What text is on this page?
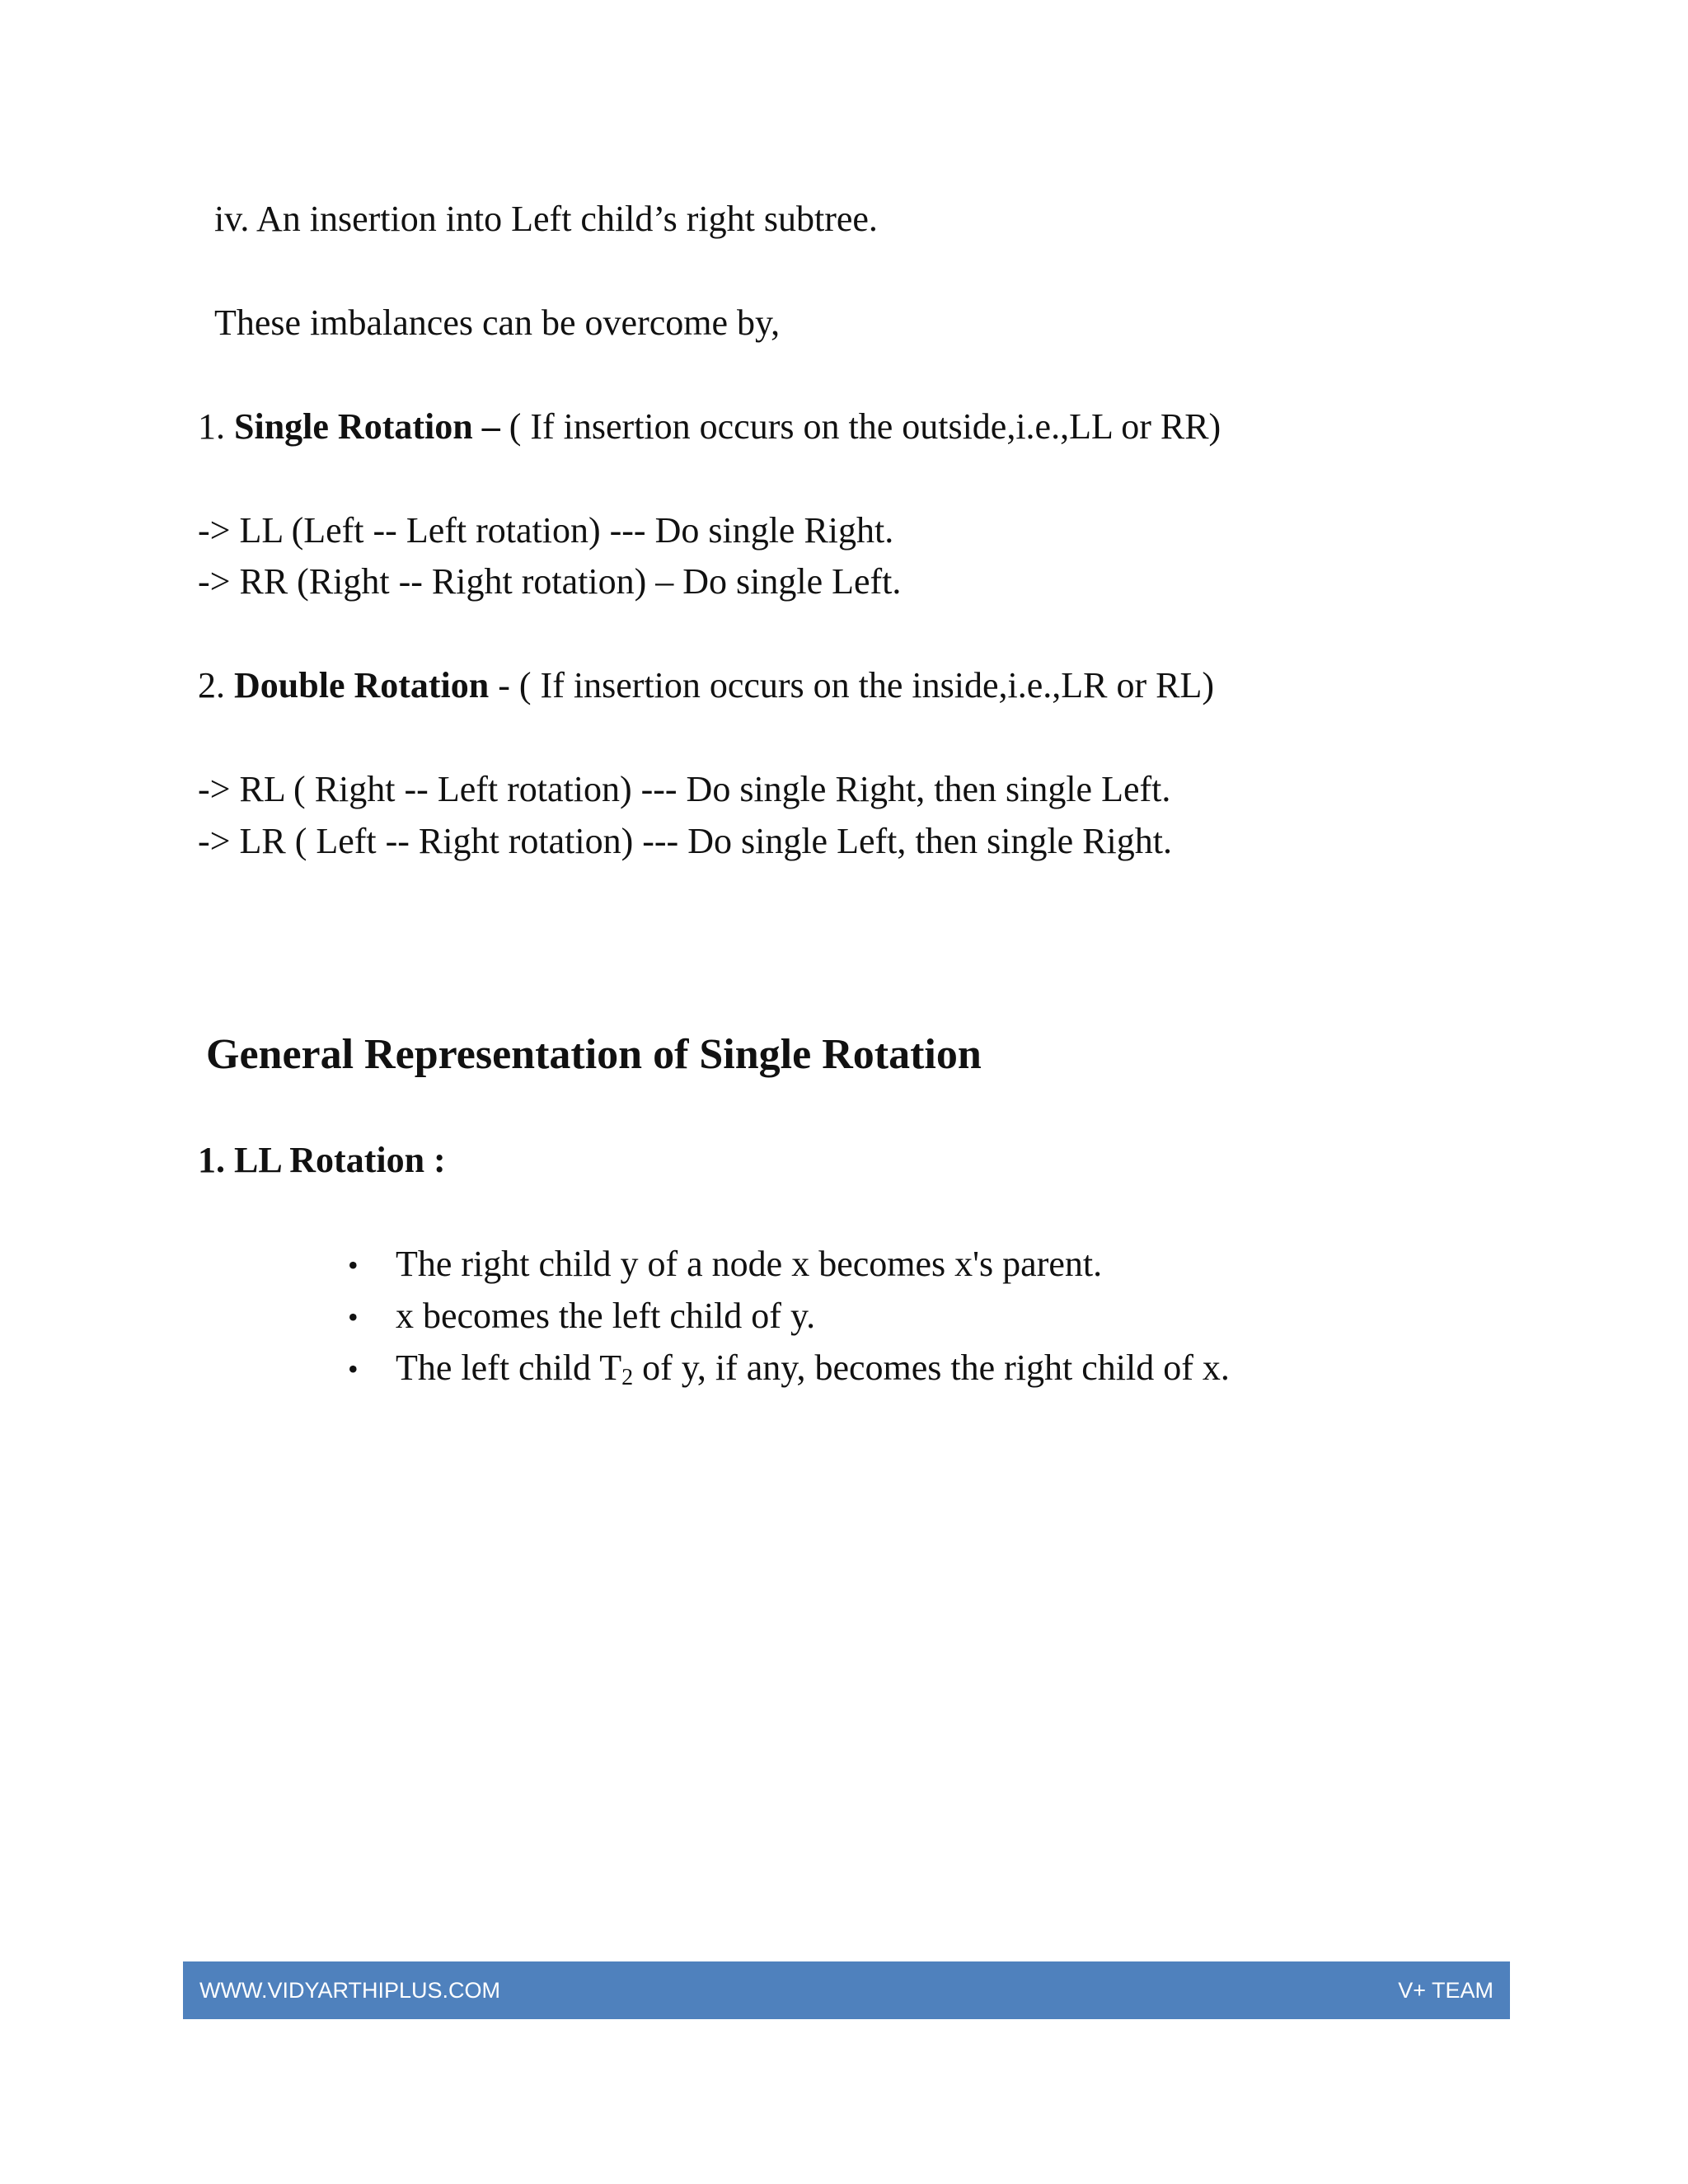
iv. An insertion into Left child’s right subtree.
These imbalances can be overcome by,
1. Single Rotation – ( If insertion occurs on the outside,i.e.,LL or RR)
-> LL (Left -- Left rotation) --- Do single Right.
-> RR (Right -- Right rotation) – Do single Left.
2. Double Rotation - ( If insertion occurs on the inside,i.e.,LR or RL)
-> RL ( Right -- Left rotation) --- Do single Right, then single Left.
-> LR ( Left -- Right rotation) --- Do single Left, then single Right.
General Representation of Single Rotation
1. LL Rotation :
• The right child y of a node x becomes x's parent.
• x becomes the left child of y.
• The left child $T_2$ of y, if any, becomes the right child of x.
WWW.VIDYARTHIPLUS.COM	V+ TEAM
